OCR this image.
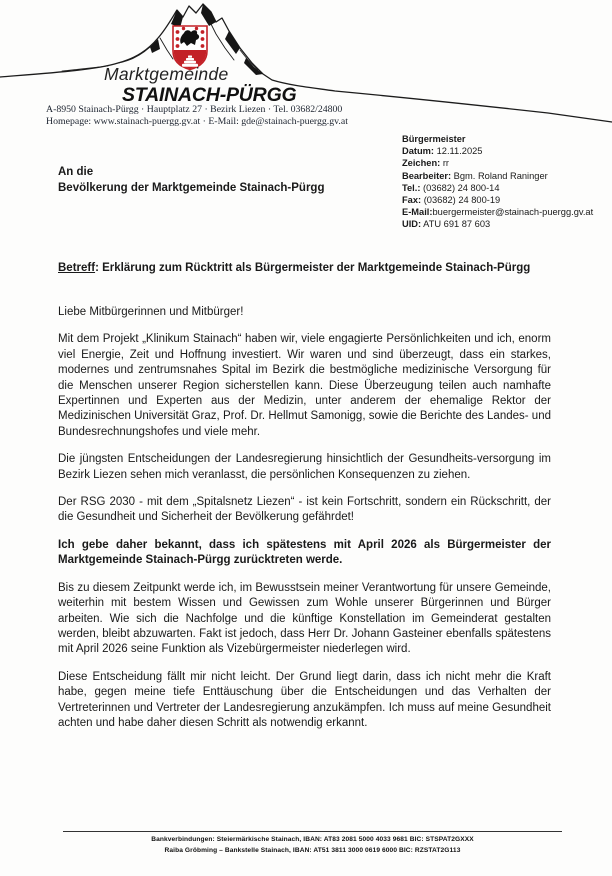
Marktgemeinde
STAINACH-PÜRGG
A-8950 Stainach-Pürgg · Hauptplatz 27 · Bezirk Liezen · Tel. 03682/24800
Homepage: www.stainach-puergg.gv.at · E-Mail: gde@stainach-puergg.gv.at
Bürgermeister
Datum: 12.11.2025
Zeichen: rr
Bearbeiter: Bgm. Roland Raninger
Tel.: (03682) 24 800-14
Fax: (03682) 24 800-19
E-Mail:buergermeister@stainach-puergg.gv.at
UID: ATU 691 87 603
An die
Bevölkerung der Marktgemeinde Stainach-Pürgg
Betreff: Erklärung zum Rücktritt als Bürgermeister der Marktgemeinde Stainach-Pürgg

Liebe Mitbürgerinnen und Mitbürger!

Mit dem Projekt „Klinikum Stainach“ haben wir, viele engagierte Persönlichkeiten und ich, enorm viel Energie, Zeit und Hoffnung investiert. Wir waren und sind überzeugt, dass ein starkes, modernes und zentrumsnahes Spital im Bezirk die bestmögliche medizinische Versorgung für die Menschen unserer Region sicherstellen kann. Diese Überzeugung teilen auch namhafte Expertinnen und Experten aus der Medizin, unter anderem der ehemalige Rektor der Medizinischen Universität Graz, Prof. Dr. Hellmut Samonigg, sowie die Berichte des Landes- und Bundesrechnungshofes und viele mehr.

Die jüngsten Entscheidungen der Landesregierung hinsichtlich der Gesundheits-versorgung im Bezirk Liezen sehen mich veranlasst, die persönlichen Konsequenzen zu ziehen.

Der RSG 2030 - mit dem „Spitalsnetz Liezen“ - ist kein Fortschritt, sondern ein Rückschritt, der die Gesundheit und Sicherheit der Bevölkerung gefährdet!

Ich gebe daher bekannt, dass ich spätestens mit April 2026 als Bürgermeister der Marktgemeinde Stainach-Pürgg zurücktreten werde.

Bis zu diesem Zeitpunkt werde ich, im Bewusstsein meiner Verantwortung für unsere Gemeinde, weiterhin mit bestem Wissen und Gewissen zum Wohle unserer Bürgerinnen und Bürger arbeiten. Wie sich die Nachfolge und die künftige Konstellation im Gemeinderat gestalten werden, bleibt abzuwarten. Fakt ist jedoch, dass Herr Dr. Johann Gasteiner ebenfalls spätestens mit April 2026 seine Funktion als Vizebürgermeister niederlegen wird.

Diese Entscheidung fällt mir nicht leicht. Der Grund liegt darin, dass ich nicht mehr die Kraft habe, gegen meine tiefe Enttäuschung über die Entscheidungen und das Verhalten der Vertreterinnen und Vertreter der Landesregierung anzukämpfen. Ich muss auf meine Gesundheit achten und habe daher diesen Schritt als notwendig erkannt.

Bankverbindungen: Steiermärkische Stainach, IBAN: AT83 2081 5000 4033 9681 BIC: STSPAT2GXXX
Raiba Gröbming – Bankstelle Stainach, IBAN: AT51 3811 3000 0619 6000 BIC: RZSTAT2G113
